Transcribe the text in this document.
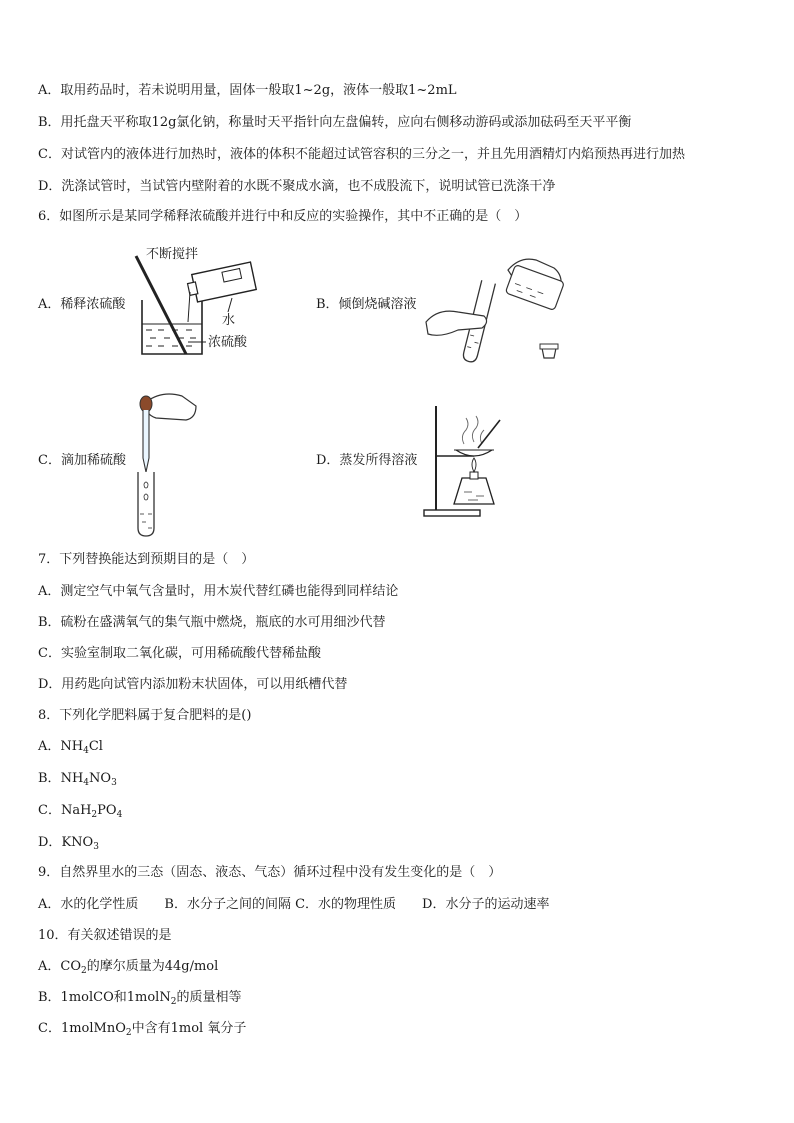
A．取用药品时，若未说明用量，固体一般取1~2g，液体一般取1~2mL
B．用托盘天平称取12g氯化钠，称量时天平指针向左盘偏转，应向右侧移动游码或添加砝码至天平平衡
C．对试管内的液体进行加热时，液体的体积不能超过试管容积的三分之一，并且先用酒精灯内焰预热再进行加热
D．洗涤试管时，当试管内壁附着的水既不聚成水滴，也不成股流下，说明试管已洗涤干净
6．如图所示是某同学稀释浓硫酸并进行中和反应的实验操作，其中不正确的是（　）
A．稀释浓硫酸
不断搅拌
水
浓硫酸
B．倾倒烧碱溶液
C．滴加稀硫酸	D．蒸发所得溶液
7．下列替换能达到预期目的是（　）
A．测定空气中氧气含量时，用木炭代替红磷也能得到同样结论
B．硫粉在盛满氧气的集气瓶中燃烧，瓶底的水可用细沙代替
C．实验室制取二氧化碳，可用稀硫酸代替稀盐酸
D．用药匙向试管内添加粉末状固体，可以用纸槽代替
8．下列化学肥料属于复合肥料的是()
A．$NH_4Cl$
B．$NH_4NO_3$
C．$NaH_2PO_4$
D．$KNO_3$
9．自然界里水的三态（固态、液态、气态）循环过程中没有发生变化的是（　）
A．水的化学性质　　B．水分子之间的间隔 C．水的物理性质　　D．水分子的运动速率
10．有关叙述错误的是
A．$CO_2$的摩尔质量为44g/mol
B．1molCO和1molN$_2$的质量相等
C．1molMnO$_2$中含有1mol 氧分子
